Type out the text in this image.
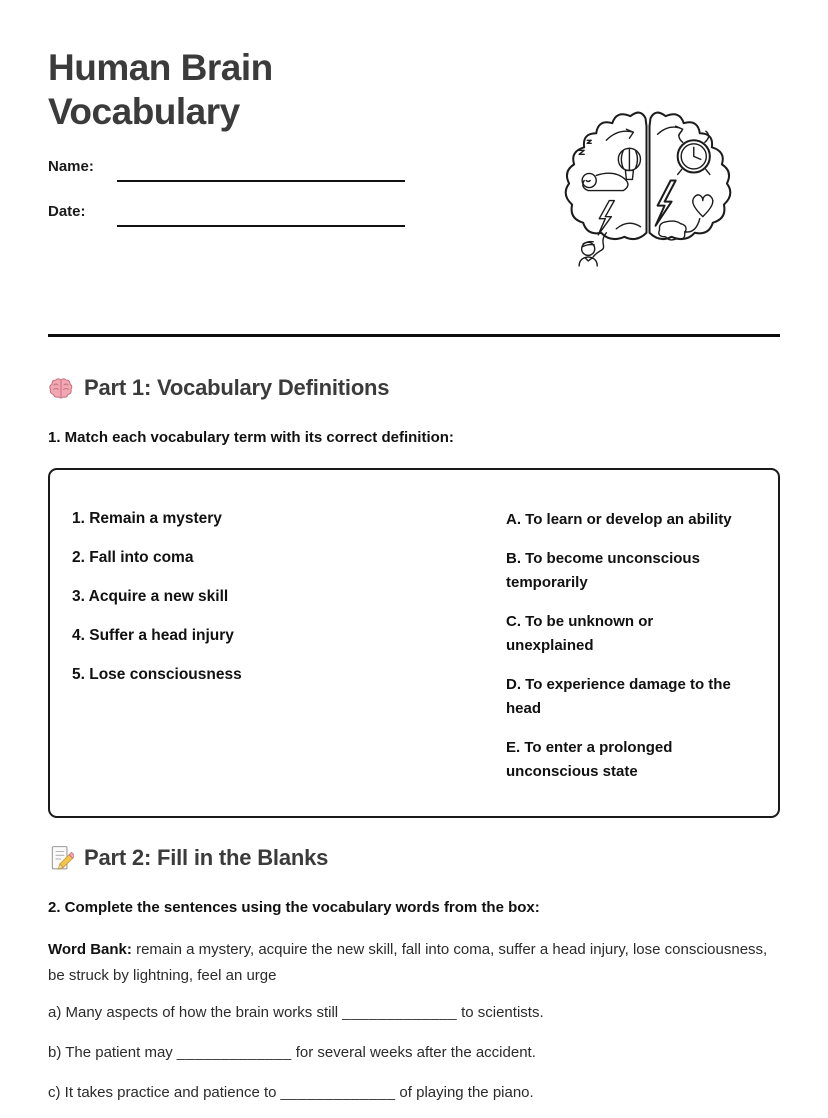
Human Brain
Vocabulary
Name:
Date:
Part 1: Vocabulary Definitions
1. Match each vocabulary term with its correct definition:
1. Remain a mystery
2. Fall into coma
3. Acquire a new skill
4. Suffer a head injury
5. Lose consciousness
A. To learn or develop an ability
B. To become unconscious
temporarily
C. To be unknown or
unexplained
D. To experience damage to the
head
E. To enter a prolonged
unconscious state
Part 2: Fill in the Blanks
2. Complete the sentences using the vocabulary words from the box:

Word Bank: remain a mystery, acquire the new skill, fall into coma, suffer a head injury, lose consciousness, be struck by lightning, feel an urge

a) Many aspects of how the brain works still _____________ to scientists.
b) The patient may _____________ for several weeks after the accident.
c) It takes practice and patience to _____________ of playing the piano.
